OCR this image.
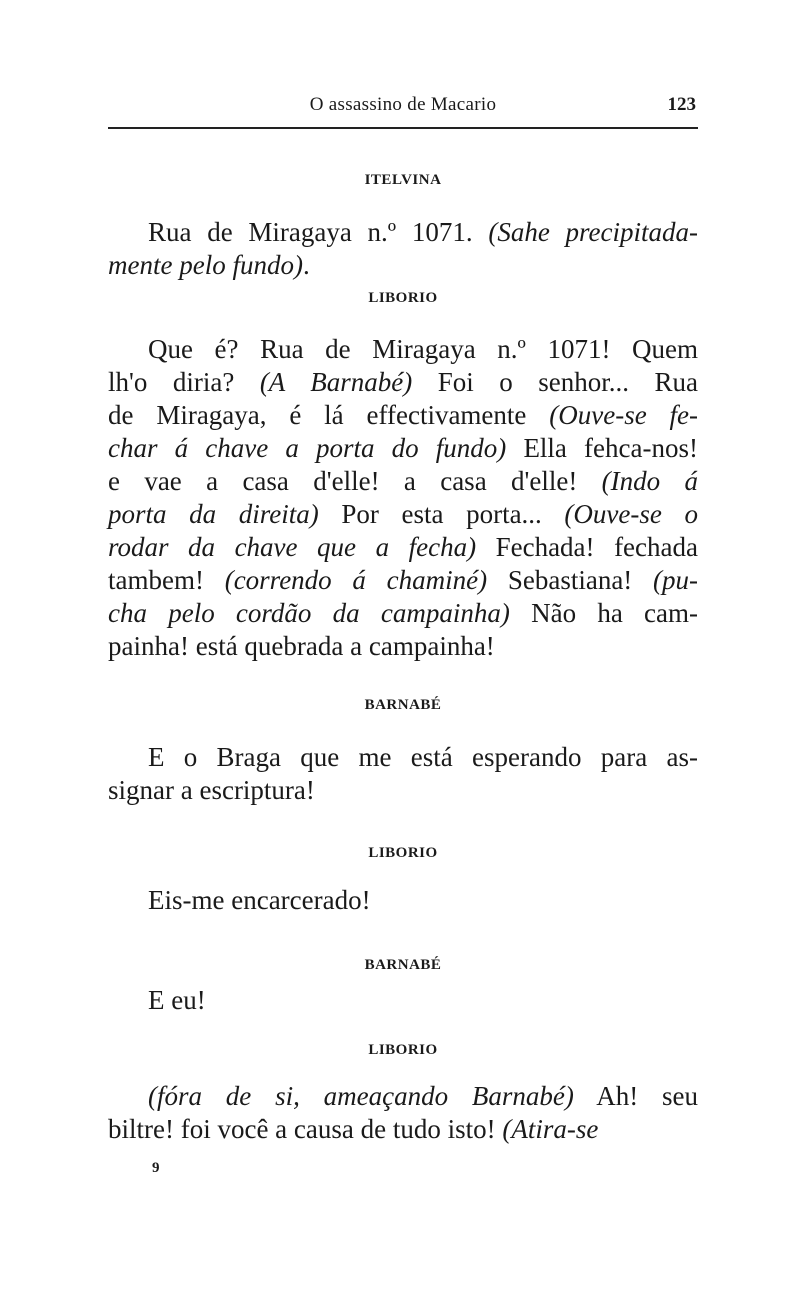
O assassino de Macario	123
ITELVINA
Rua de Miragaya n.º 1071. (Sahe precipitada-
mente pelo fundo).
LIBORIO
Que é? Rua de Miragaya n.º 1071! Quem
lh'o diria? (A Barnabé) Foi o senhor... Rua
de Miragaya, é lá effectivamente (Ouve-se fe-
char á chave a porta do fundo) Ella fehca-nos!
e vae a casa d'elle! a casa d'elle! (Indo á
porta da direita) Por esta porta... (Ouve-se o
rodar da chave que a fecha) Fechada! fechada
tambem! (correndo á chaminé) Sebastiana! (pu-
cha pelo cordão da campainha) Não ha cam-
painha! está quebrada a campainha!
BARNABÉ
E o Braga que me está esperando para as-
signar a escriptura!
LIBORIO
Eis-me encarcerado!
BARNABÉ
E eu!
LIBORIO
(fóra de si, ameaçando Barnabé) Ah! seu
biltre! foi você a causa de tudo isto! (Atira-se
9
